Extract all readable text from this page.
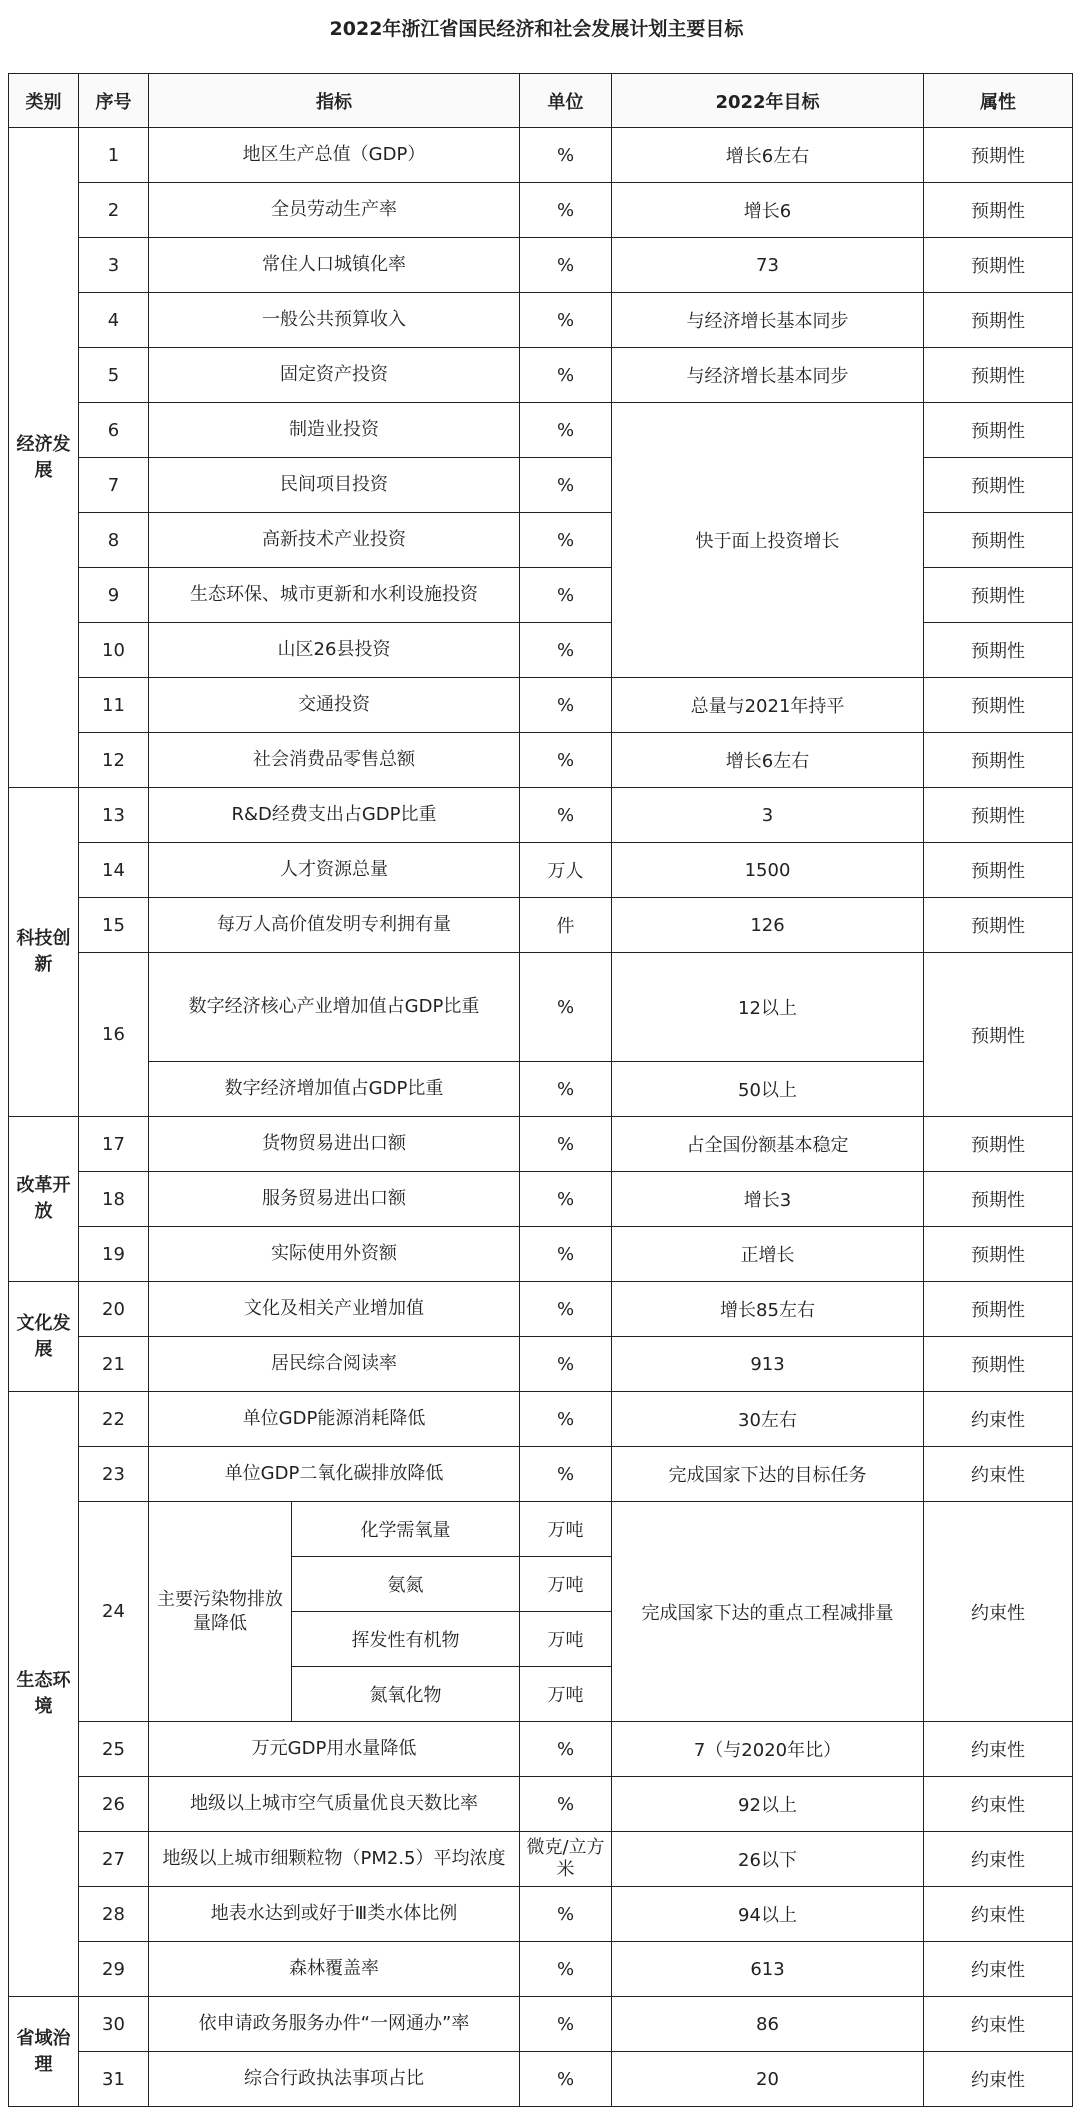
2022年浙江省国民经济和社会发展计划主要目标
类别	序号	指标		单位	2022年目标	属性
经济发展	1	地区生产总值（GDP）		%	增长6左右	预期性
	2	全员劳动生产率		%	增长6	预期性
	3	常住人口城镇化率		%	73	预期性
	4	一般公共预算收入		%	与经济增长基本同步	预期性
	5	固定资产投资		%	与经济增长基本同步	预期性
	6	制造业投资		%	快于面上投资增长	预期性
	7	民间项目投资		%		预期性
	8	高新技术产业投资		%		预期性
	9	生态环保、城市更新和水利设施投资		%		预期性
	10	山区26县投资		%		预期性
	11	交通投资		%	总量与2021年持平	预期性
	12	社会消费品零售总额		%	增长6左右	预期性
科技创新	13	R&D经费支出占GDP比重		%	3	预期性
	14	人才资源总量		万人	1500	预期性
	15	每万人高价值发明专利拥有量		件	126	预期性
	16	数字经济核心产业增加值占GDP比重		%	12以上	预期性
		数字经济增加值占GDP比重		%	50以上	
改革开放	17	货物贸易进出口额		%	占全国份额基本稳定	预期性
	18	服务贸易进出口额		%	增长3	预期性
	19	实际使用外资额		%	正增长	预期性
文化发展	20	文化及相关产业增加值		%	增长85左右	预期性
	21	居民综合阅读率		%	913	预期性
生态环境	22	单位GDP能源消耗降低		%	30左右	约束性
	23	单位GDP二氧化碳排放降低		%	完成国家下达的目标任务	约束性
	24	主要污染物排放量降低	化学需氧量	万吨	完成国家下达的重点工程减排量	约束性
			氨氮	万吨		
			挥发性有机物	万吨		
			氮氧化物	万吨		
	25	万元GDP用水量降低		%	7（与2020年比）	约束性
	26	地级以上城市空气质量优良天数比率		%	92以上	约束性
	27	地级以上城市细颗粒物（PM2.5）平均浓度		微克/立方米	26以下	约束性
	28	地表水达到或好于Ⅲ类水体比例		%	94以上	约束性
	29	森林覆盖率		%	613	约束性
省域治理	30	依申请政务服务办件“一网通办”率		%	86	约束性
	31	综合行政执法事项占比		%	20	约束性
